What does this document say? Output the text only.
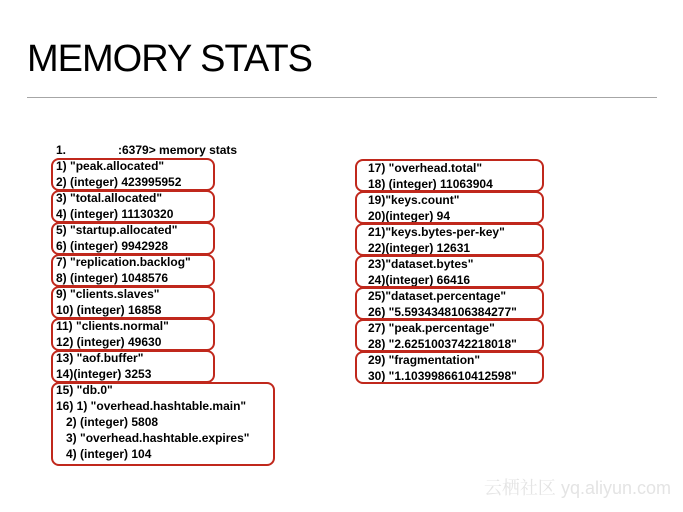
MEMORY STATS
1.	:6379> memory stats
1) "peak.allocated"
2) (integer) 423995952
3) "total.allocated"
4) (integer) 11130320
5) "startup.allocated"
6) (integer) 9942928
7) "replication.backlog"
8) (integer) 1048576
9) "clients.slaves"
10) (integer) 16858
11) "clients.normal"
12) (integer) 49630
13) "aof.buffer"
14)(integer) 3253
15) "db.0"
16) 1) "overhead.hashtable.main"
2) (integer) 5808
3) "overhead.hashtable.expires"
4) (integer) 104
17) "overhead.total"
18) (integer) 11063904
19)"keys.count"
20)(integer) 94
21)"keys.bytes-per-key"
22)(integer) 12631
23)"dataset.bytes"
24)(integer) 66416
25)"dataset.percentage"
26) "5.5934348106384277"
27) "peak.percentage"
28) "2.6251003742218018"
29) "fragmentation"
30) "1.1039986610412598"
云栖社区 yq.aliyun.com
